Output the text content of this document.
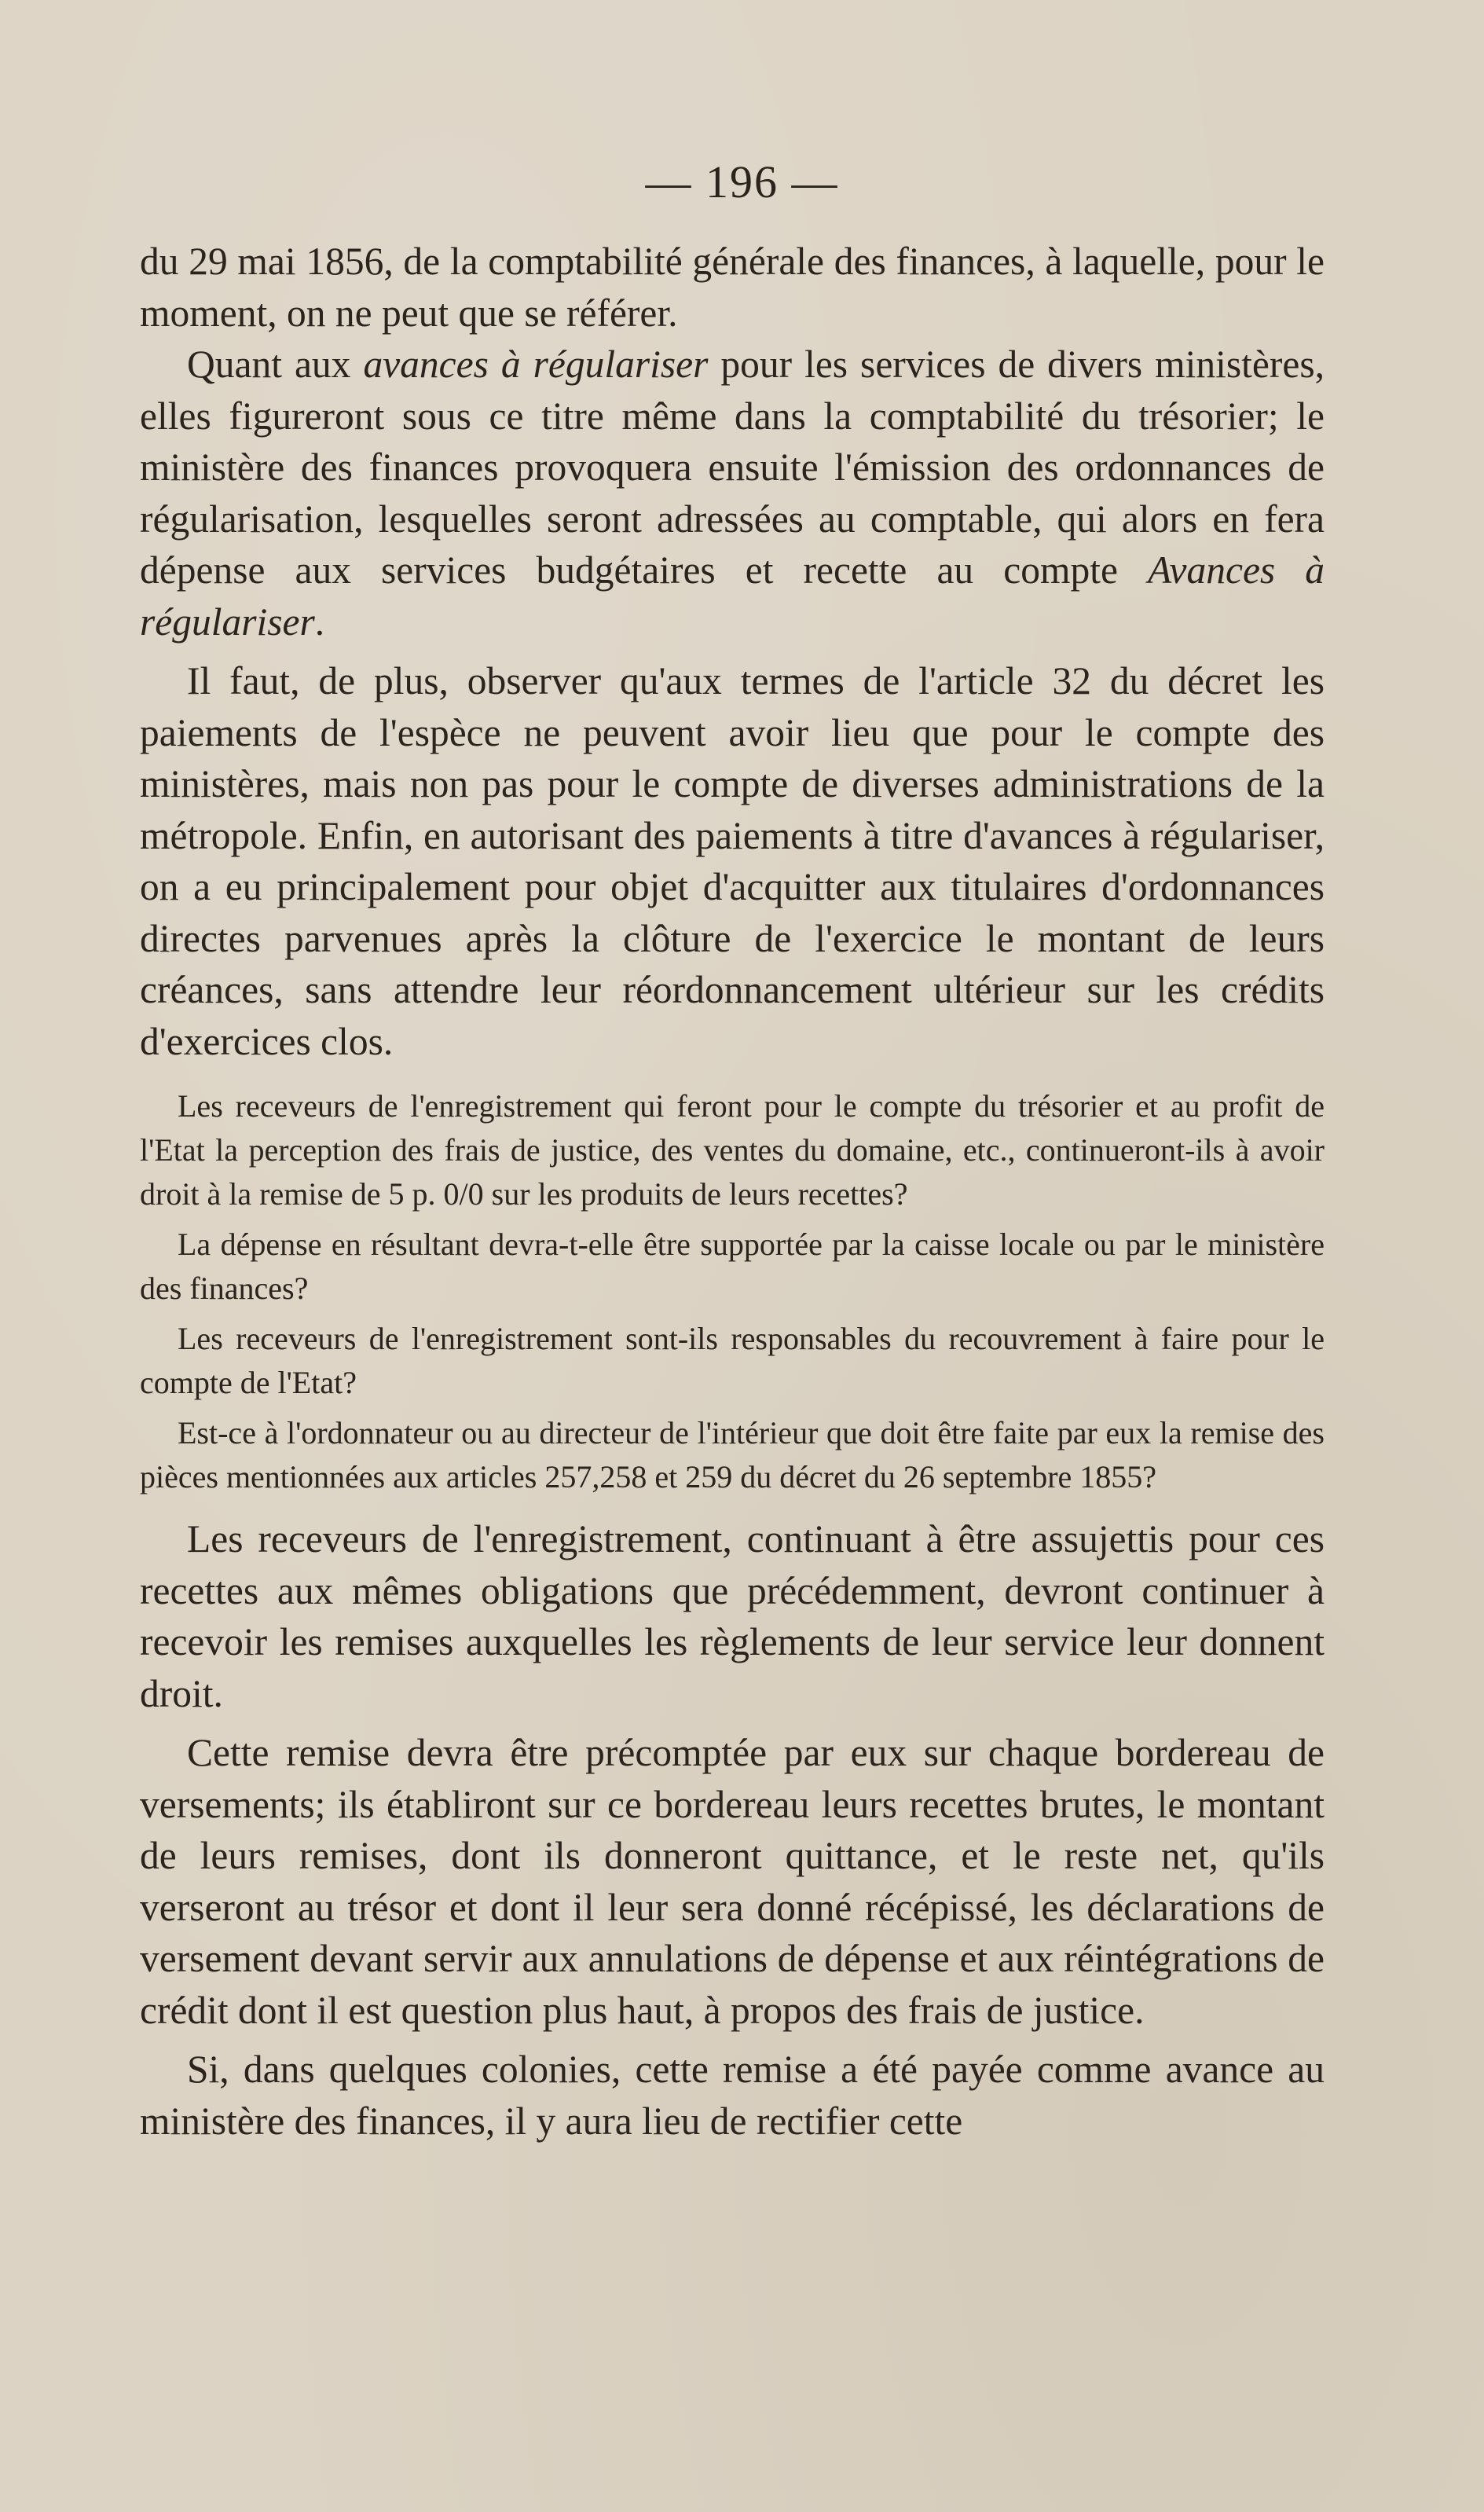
— 196 —

du 29 mai 1856, de la comptabilité générale des finances, à laquelle, pour le moment, on ne peut que se référer.

Quant aux avances à régulariser pour les services de divers ministères, elles figureront sous ce titre même dans la comptabilité du trésorier; le ministère des finances provoquera ensuite l'émission des ordonnances de régularisation, lesquelles seront adressées au comptable, qui alors en fera dépense aux services budgétaires et recette au compte Avances à régulariser.

Il faut, de plus, observer qu'aux termes de l'article 32 du décret les paiements de l'espèce ne peuvent avoir lieu que pour le compte des ministères, mais non pas pour le compte de diverses administrations de la métropole. Enfin, en autorisant des paiements à titre d'avances à régulariser, on a eu principalement pour objet d'acquitter aux titulaires d'ordonnances directes parvenues après la clôture de l'exercice le montant de leurs créances, sans attendre leur réordonnancement ultérieur sur les crédits d'exercices clos.

Les receveurs de l'enregistrement qui feront pour le compte du trésorier et au profit de l'Etat la perception des frais de justice, des ventes du domaine, etc., continueront-ils à avoir droit à la remise de 5 p. 0/0 sur les produits de leurs recettes?

La dépense en résultant devra-t-elle être supportée par la caisse locale ou par le ministère des finances?

Les receveurs de l'enregistrement sont-ils responsables du recouvrement à faire pour le compte de l'Etat?

Est-ce à l'ordonnateur ou au directeur de l'intérieur que doit être faite par eux la remise des pièces mentionnées aux articles 257,258 et 259 du décret du 26 septembre 1855?

Les receveurs de l'enregistrement, continuant à être assujettis pour ces recettes aux mêmes obligations que précédemment, devront continuer à recevoir les remises auxquelles les règlements de leur service leur donnent droit.

Cette remise devra être précomptée par eux sur chaque bordereau de versements; ils établiront sur ce bordereau leurs recettes brutes, le montant de leurs remises, dont ils donneront quittance, et le reste net, qu'ils verseront au trésor et dont il leur sera donné récépissé, les déclarations de versement devant servir aux annulations de dépense et aux réintégrations de crédit dont il est question plus haut, à propos des frais de justice.

Si, dans quelques colonies, cette remise a été payée comme avance au ministère des finances, il y aura lieu de rectifier cette
